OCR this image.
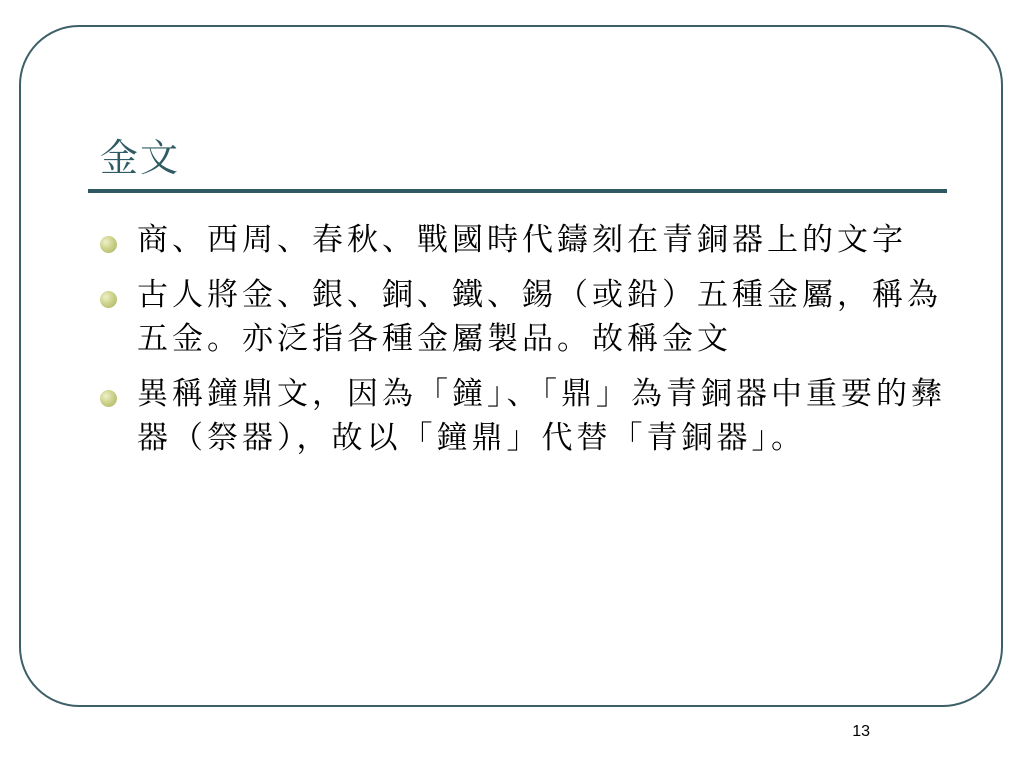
金文
商、西周、春秋、戰國時代鑄刻在青銅器上的文字
古人將金、銀、銅、鐵、錫（或鉛）五種金屬，稱為五金。亦泛指各種金屬製品。故稱金文
異稱鐘鼎文，因為「鐘」、「鼎」為青銅器中重要的彝器（祭器），故以「鐘鼎」代替「青銅器」。
13
